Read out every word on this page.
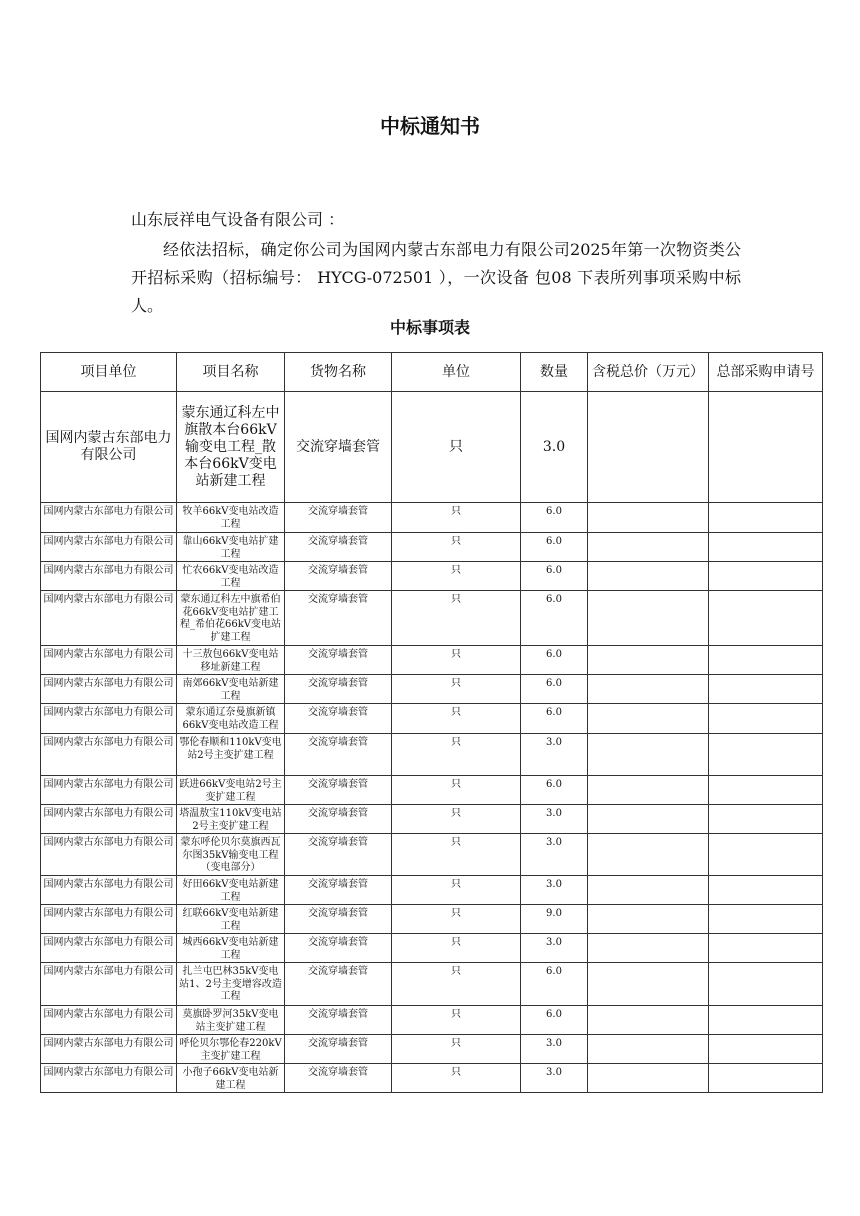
中标通知书
山东辰祥电气设备有限公司 ：
经依法招标，确定你公司为国网内蒙古东部电力有限公司2025年第一次物资类公开招标采购（招标编号： HYCG-072501 ），一次设备 包08 下表所列事项采购中标人。
中标事项表
项目单位	项目名称	货物名称	单位	数量	含税总价（万元）	总部采购申请号
国网内蒙古东部电力有限公司	蒙东通辽科左中旗散本台66kV输变电工程_散本台66kV变电站新建工程	交流穿墙套管	只	3.0		
国网内蒙古东部电力有限公司	牧羊66kV变电站改造工程	交流穿墙套管	只	6.0		
国网内蒙古东部电力有限公司	靠山66kV变电站扩建工程	交流穿墙套管	只	6.0		
国网内蒙古东部电力有限公司	忙农66kV变电站改造工程	交流穿墙套管	只	6.0		
国网内蒙古东部电力有限公司	蒙东通辽科左中旗希伯花66kV变电站扩建工程_希伯花66kV变电站扩建工程	交流穿墙套管	只	6.0		
国网内蒙古东部电力有限公司	十三敖包66kV变电站移址新建工程	交流穿墙套管	只	6.0		
国网内蒙古东部电力有限公司	南郊66kV变电站新建工程	交流穿墙套管	只	6.0		
国网内蒙古东部电力有限公司	蒙东通辽奈曼旗新镇66kV变电站改造工程	交流穿墙套管	只	6.0		
国网内蒙古东部电力有限公司	鄂伦春顺和110kV变电站2号主变扩建工程	交流穿墙套管	只	3.0		
国网内蒙古东部电力有限公司	跃进66kV变电站2号主变扩建工程	交流穿墙套管	只	6.0		
国网内蒙古东部电力有限公司	塔温敖宝110kV变电站2号主变扩建工程	交流穿墙套管	只	3.0		
国网内蒙古东部电力有限公司	蒙东呼伦贝尔莫旗西瓦尔图35kV输变电工程（变电部分）	交流穿墙套管	只	3.0		
国网内蒙古东部电力有限公司	好田66kV变电站新建工程	交流穿墙套管	只	3.0		
国网内蒙古东部电力有限公司	红联66kV变电站新建工程	交流穿墙套管	只	9.0		
国网内蒙古东部电力有限公司	城西66kV变电站新建工程	交流穿墙套管	只	3.0		
国网内蒙古东部电力有限公司	扎兰屯巴林35kV变电站1、2号主变增容改造工程	交流穿墙套管	只	6.0		
国网内蒙古东部电力有限公司	莫旗卧罗河35kV变电站主变扩建工程	交流穿墙套管	只	6.0		
国网内蒙古东部电力有限公司	呼伦贝尔鄂伦春220kV主变扩建工程	交流穿墙套管	只	3.0		
国网内蒙古东部电力有限公司	小孢子66kV变电站新建工程	交流穿墙套管	只	3.0		
